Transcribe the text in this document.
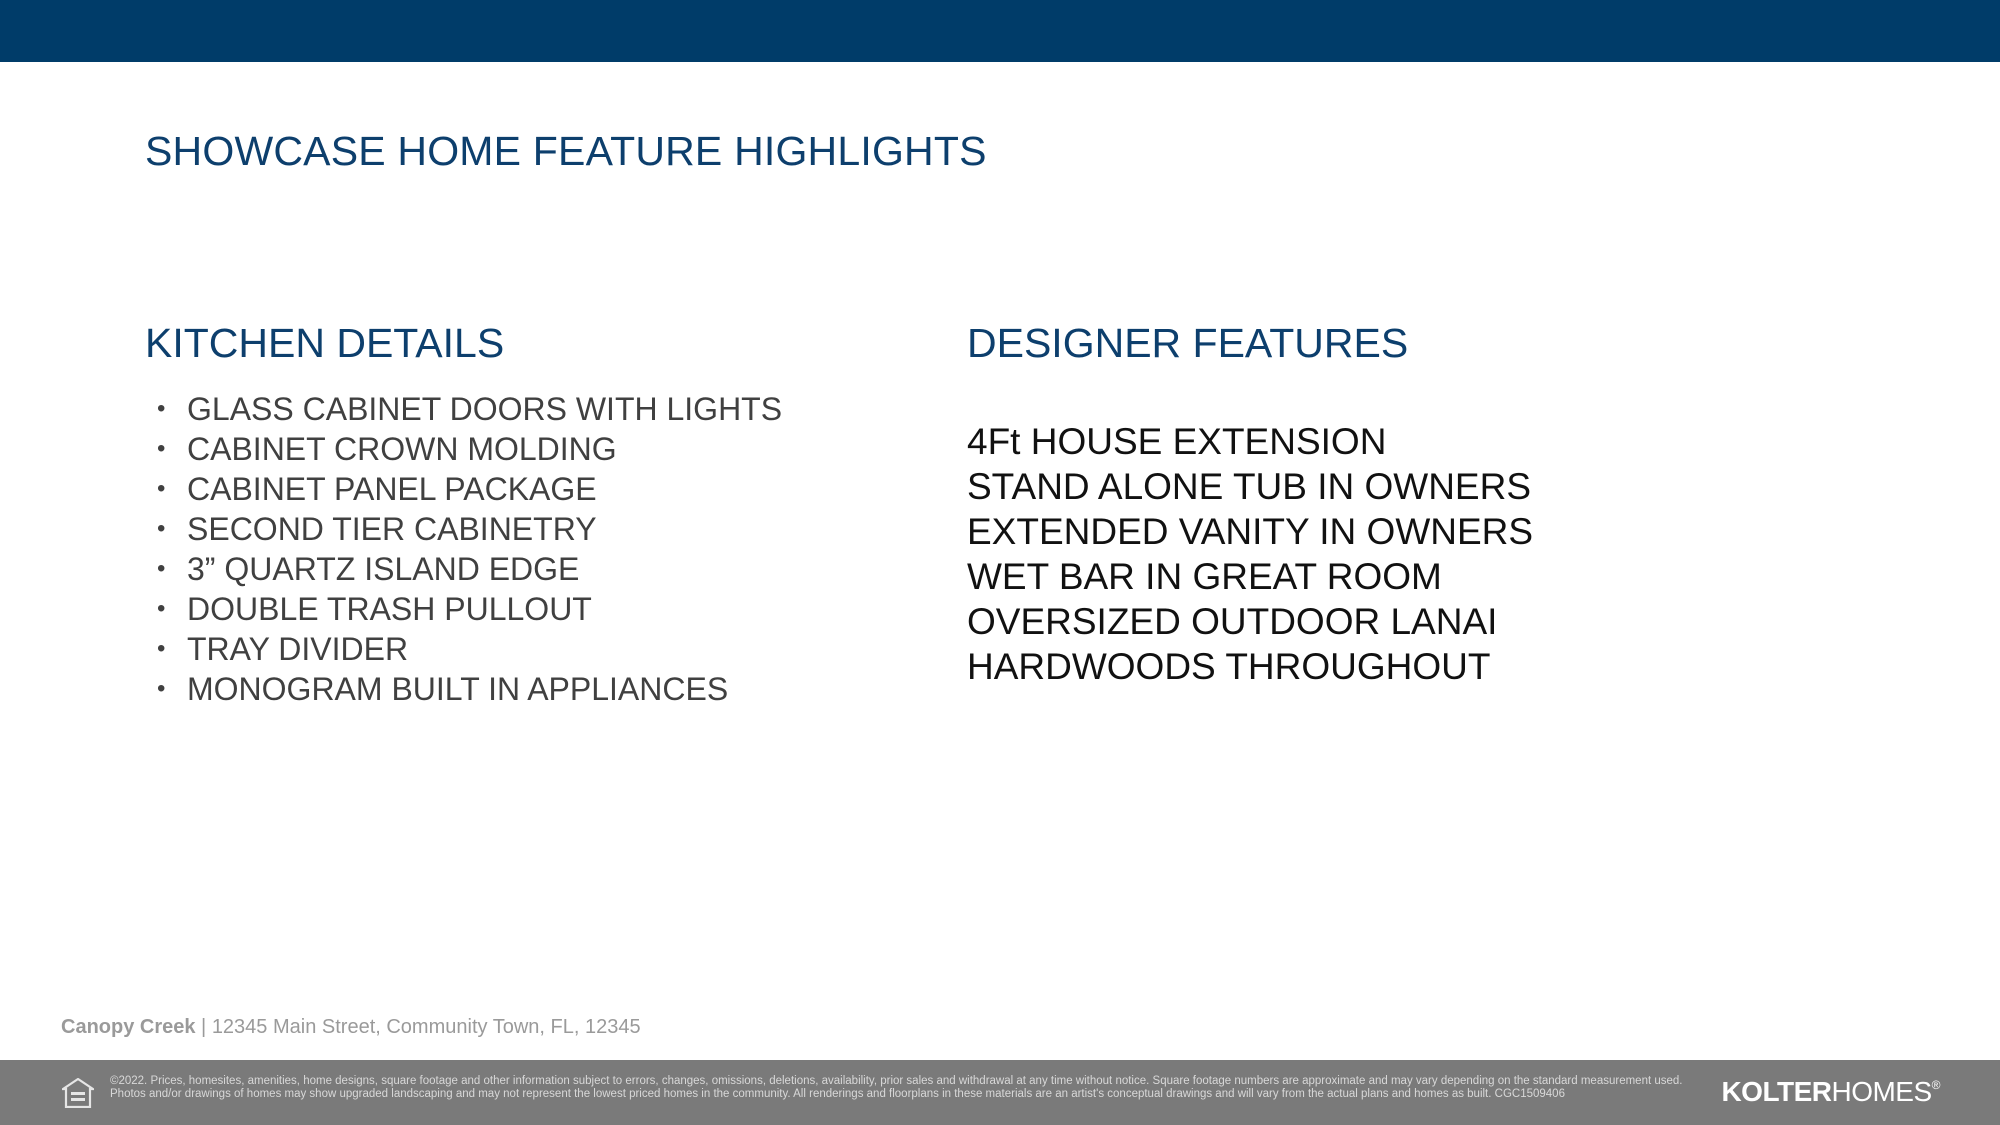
SHOWCASE HOME FEATURE HIGHLIGHTS
KITCHEN DETAILS
• GLASS CABINET DOORS WITH LIGHTS
• CABINET CROWN MOLDING
• CABINET PANEL PACKAGE
• SECOND TIER CABINETRY
• 3” QUARTZ ISLAND EDGE
• DOUBLE TRASH PULLOUT
• TRAY DIVIDER
• MONOGRAM BUILT IN APPLIANCES
DESIGNER FEATURES
4Ft HOUSE EXTENSION
STAND ALONE TUB IN OWNERS
EXTENDED VANITY IN OWNERS
WET BAR IN GREAT ROOM
OVERSIZED OUTDOOR LANAI
HARDWOODS THROUGHOUT
Canopy Creek | 12345 Main Street, Community Town, FL, 12345
©2022. Prices, homesites, amenities, home designs, square footage and other information subject to errors, changes, omissions, deletions, availability, prior sales and withdrawal at any time without notice. Square footage numbers are approximate and may vary depending on the standard measurement used. Photos and/or drawings of homes may show upgraded landscaping and may not represent the lowest priced homes in the community. All renderings and floorplans in these materials are an artist's conceptual drawings and will vary from the actual plans and homes as built. CGC1509406	KOLTERHOMES®
